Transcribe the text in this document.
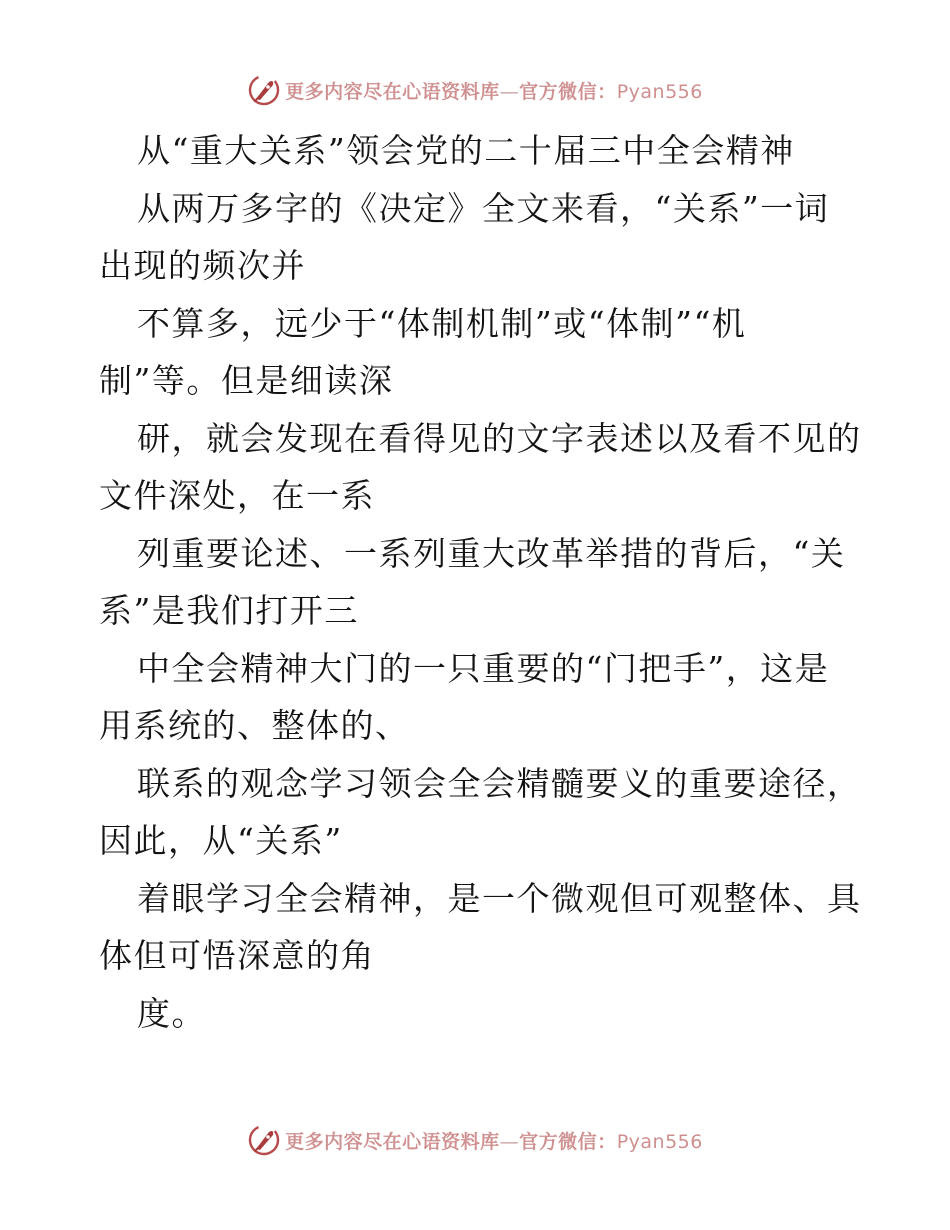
更多内容尽在心语资料库—官方微信：Pyan556
从“重大关系”领会党的二十届三中全会精神
从两万多字的《决定》全文来看，“关系”一词
出现的频次并
不算多，远少于“体制机制”或“体制”“机
制”等。但是细读深
研，就会发现在看得见的文字表述以及看不见的
文件深处，在一系
列重要论述、一系列重大改革举措的背后，“关
系”是我们打开三
中全会精神大门的一只重要的“门把手”，这是
用系统的、整体的、
联系的观念学习领会全会精髓要义的重要途径，
因此，从“关系”
着眼学习全会精神，是一个微观但可观整体、具
体但可悟深意的角
度。
更多内容尽在心语资料库—官方微信：Pyan556
